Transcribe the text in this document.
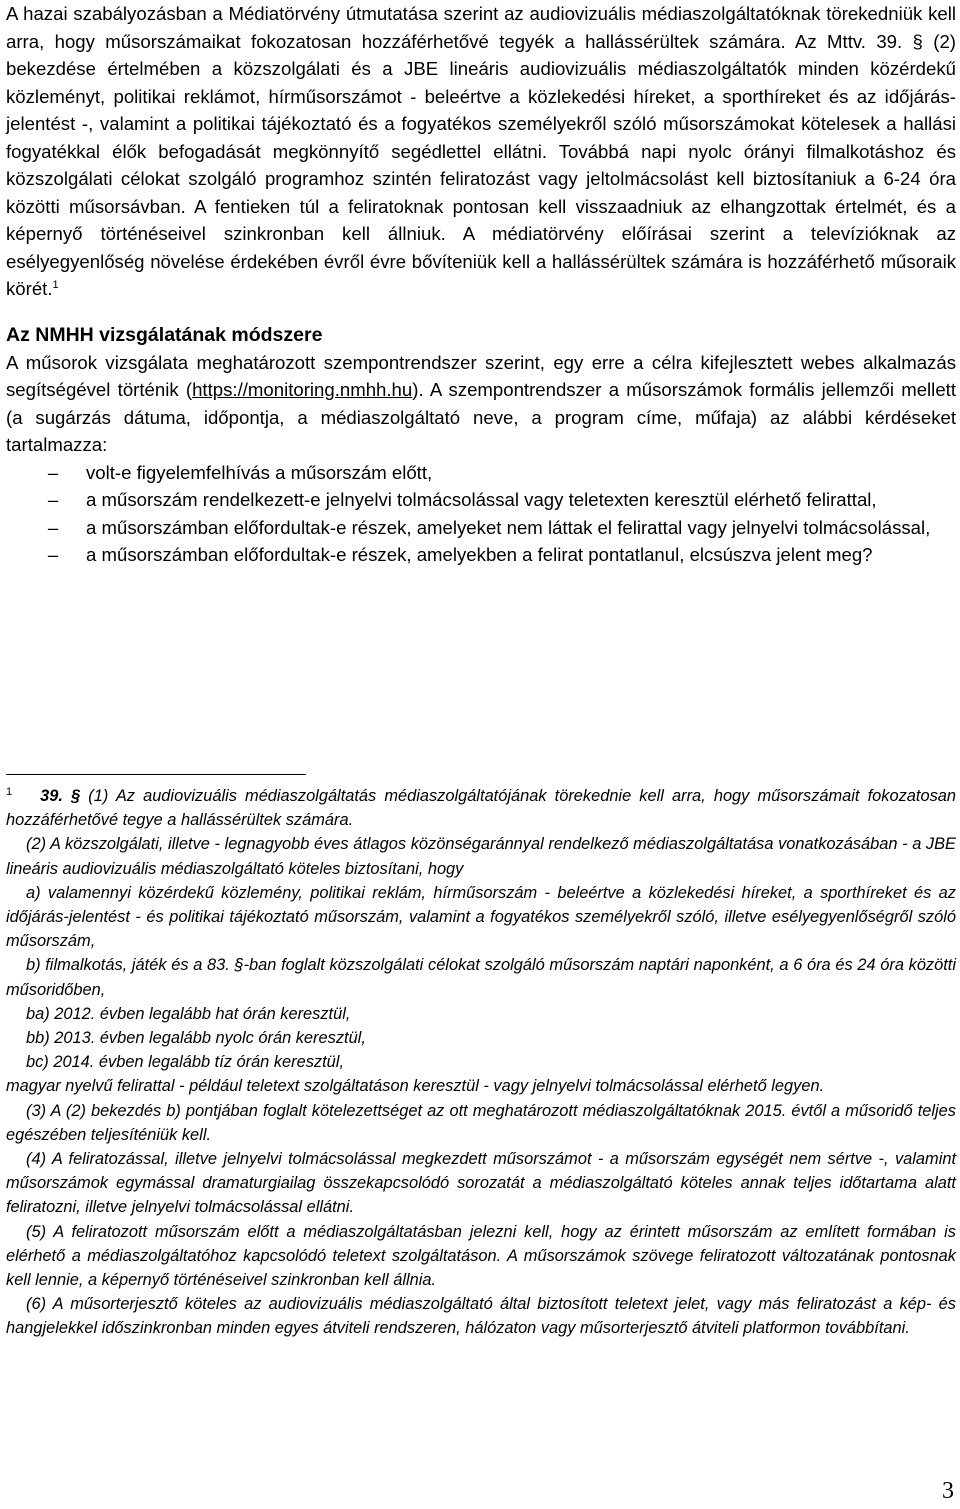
A hazai szabályozásban a Médiatörvény útmutatása szerint az audiovizuális médiaszolgáltatóknak törekedniük kell arra, hogy műsorszámaikat fokozatosan hozzáférhetővé tegyék a hallássérültek számára. Az Mttv. 39. § (2) bekezdése értelmében a közszolgálati és a JBE lineáris audiovizuális médiaszolgáltatók minden közérdekű közleményt, politikai reklámot, hírműsorszámot - beleértve a közlekedési híreket, a sporthíreket és az időjárás-jelentést -, valamint a politikai tájékoztató és a fogyatékos személyekről szóló műsorszámokat kötelesek a hallási fogyatékkal élők befogadását megkönnyítő segédlettel ellátni. Továbbá napi nyolc órányi filmalkotáshoz és közszolgálati célokat szolgáló programhoz szintén feliratozást vagy jeltolmácsolást kell biztosítaniuk a 6-24 óra közötti műsorsávban. A fentieken túl a feliratoknak pontosan kell visszaadniuk az elhangzottak értelmét, és a képernyő történéseivel szinkronban kell állniuk. A médiatörvény előírásai szerint a televízióknak az esélyegyenlőség növelése érdekében évről évre bővíteniük kell a hallássérültek számára is hozzáférhető műsoraik körét.$^1$

Az NMHH vizsgálatának módszere

A műsorok vizsgálata meghatározott szempontrendszer szerint, egy erre a célra kifejlesztett webes alkalmazás segítségével történik (https://monitoring.nmhh.hu). A szempontrendszer a műsorszámok formális jellemzői mellett (a sugárzás dátuma, időpontja, a médiaszolgáltató neve, a program címe, műfaja) az alábbi kérdéseket tartalmazza:

–	volt-e figyelemfelhívás a műsorszám előtt,
–	a műsorszám rendelkezett-e jelnyelvi tolmácsolással vagy teletexten keresztül elérhető felirattal,
–	a műsorszámban előfordultak-e részek, amelyeket nem láttak el felirattal vagy jelnyelvi tolmácsolással,
–	a műsorszámban előfordultak-e részek, amelyekben a felirat pontatlanul, elcsúszva jelent meg?

$^1$ 39. § (1) Az audiovizuális médiaszolgáltatás médiaszolgáltatójának törekednie kell arra, hogy műsorszámait fokozatosan hozzáférhetővé tegye a hallássérültek számára.

(2) A közszolgálati, illetve - legnagyobb éves átlagos közönségaránnyal rendelkező médiaszolgáltatása vonatkozásában - a JBE lineáris audiovizuális médiaszolgáltató köteles biztosítani, hogy

a) valamennyi közérdekű közlemény, politikai reklám, hírműsorszám - beleértve a közlekedési híreket, a sporthíreket és az időjárás-jelentést - és politikai tájékoztató műsorszám, valamint a fogyatékos személyekről szóló, illetve esélyegyenlőségről szóló műsorszám,

b) filmalkotás, játék és a 83. §-ban foglalt közszolgálati célokat szolgáló műsorszám naptári naponként, a 6 óra és 24 óra közötti műsoridőben,

ba) 2012. évben legalább hat órán keresztül,

bb) 2013. évben legalább nyolc órán keresztül,

bc) 2014. évben legalább tíz órán keresztül,

magyar nyelvű felirattal - például teletext szolgáltatáson keresztül - vagy jelnyelvi tolmácsolással elérhető legyen.

(3) A (2) bekezdés b) pontjában foglalt kötelezettséget az ott meghatározott médiaszolgáltatóknak 2015. évtől a műsoridő teljes egészében teljesíténiük kell.

(4) A feliratozással, illetve jelnyelvi tolmácsolással megkezdett műsorszámot - a műsorszám egységét nem sértve -, valamint műsorszámok egymással dramaturgiailag összekapcsolódó sorozatát a médiaszolgáltató köteles annak teljes időtartama alatt feliratozni, illetve jelnyelvi tolmácsolással ellátni.

(5) A feliratozott műsorszám előtt a médiaszolgáltatásban jelezni kell, hogy az érintett műsorszám az említett formában is elérhető a médiaszolgáltatóhoz kapcsolódó teletext szolgáltatáson. A műsorszámok szövege feliratozott változatának pontosnak kell lennie, a képernyő történéseivel szinkronban kell állnia.

(6) A műsorterjesztő köteles az audiovizuális médiaszolgáltató által biztosított teletext jelet, vagy más feliratozást a kép- és hangjelekkel időszinkronban minden egyes átviteli rendszeren, hálózaton vagy műsorterjesztő átviteli platformon továbbítani.

3
